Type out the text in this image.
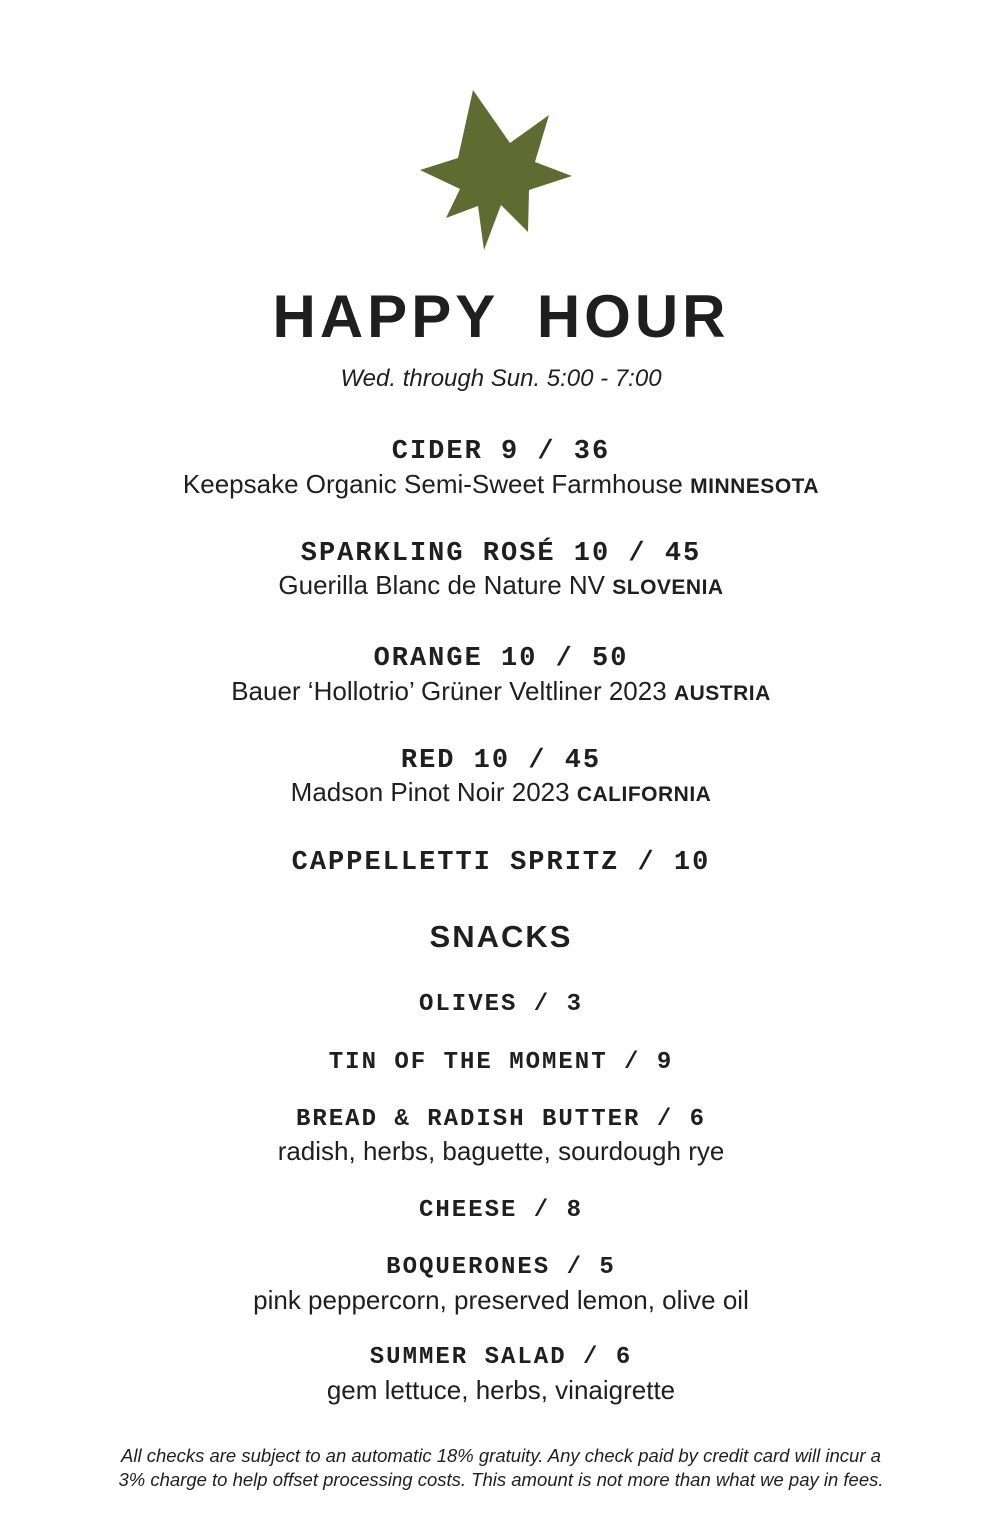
HAPPY HOUR
Wed. through Sun. 5:00 - 7:00
CIDER 9 / 36
Keepsake Organic Semi-Sweet Farmhouse MINNESOTA
SPARKLING ROSÉ 10 / 45
Guerilla Blanc de Nature NV SLOVENIA
ORANGE 10 / 50
Bauer ‘Hollotrio’ Grüner Veltliner 2023 AUSTRIA
RED 10 / 45
Madson Pinot Noir 2023 CALIFORNIA
CAPPELLETTI SPRITZ / 10
SNACKS
OLIVES / 3
TIN OF THE MOMENT / 9
BREAD & RADISH BUTTER / 6
radish, herbs, baguette, sourdough rye
CHEESE / 8
BOQUERONES / 5
pink peppercorn, preserved lemon, olive oil
SUMMER SALAD / 6
gem lettuce, herbs, vinaigrette
All checks are subject to an automatic 18% gratuity. Any check paid by credit card will incur a
3% charge to help offset processing costs. This amount is not more than what we pay in fees.
